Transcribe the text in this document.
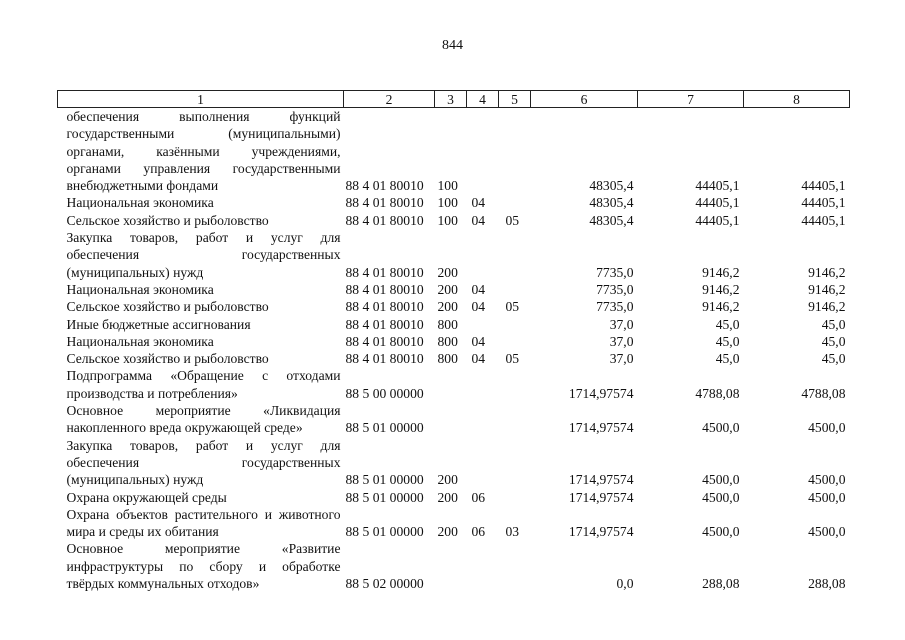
844
1	2	3	4	5	6	7	8
обеспечения выполнения функций государственными (муниципальными) органами, казёнными учреждениями, органами управления государственными внебюджетными фондами	88 4 01 80010	100			48305,4	44405,1	44405,1
Национальная экономика	88 4 01 80010	100	04		48305,4	44405,1	44405,1
Сельское хозяйство и рыболовство	88 4 01 80010	100	04	05	48305,4	44405,1	44405,1
Закупка товаров, работ и услуг для обеспечения государственных (муниципальных) нужд	88 4 01 80010	200			7735,0	9146,2	9146,2
Национальная экономика	88 4 01 80010	200	04		7735,0	9146,2	9146,2
Сельское хозяйство и рыболовство	88 4 01 80010	200	04	05	7735,0	9146,2	9146,2
Иные бюджетные ассигнования	88 4 01 80010	800			37,0	45,0	45,0
Национальная экономика	88 4 01 80010	800	04		37,0	45,0	45,0
Сельское хозяйство и рыболовство	88 4 01 80010	800	04	05	37,0	45,0	45,0
Подпрограмма «Обращение с отходами производства и потребления»	88 5 00 00000				1714,97574	4788,08	4788,08
Основное мероприятие «Ликвидация накопленного вреда окружающей среде»	88 5 01 00000				1714,97574	4500,0	4500,0
Закупка товаров, работ и услуг для обеспечения государственных (муниципальных) нужд	88 5 01 00000	200			1714,97574	4500,0	4500,0
Охрана окружающей среды	88 5 01 00000	200	06		1714,97574	4500,0	4500,0
Охрана объектов растительного и животного мира и среды их обитания	88 5 01 00000	200	06	03	1714,97574	4500,0	4500,0
Основное мероприятие «Развитие инфраструктуры по сбору и обработке твёрдых коммунальных отходов»	88 5 02 00000				0,0	288,08	288,08
